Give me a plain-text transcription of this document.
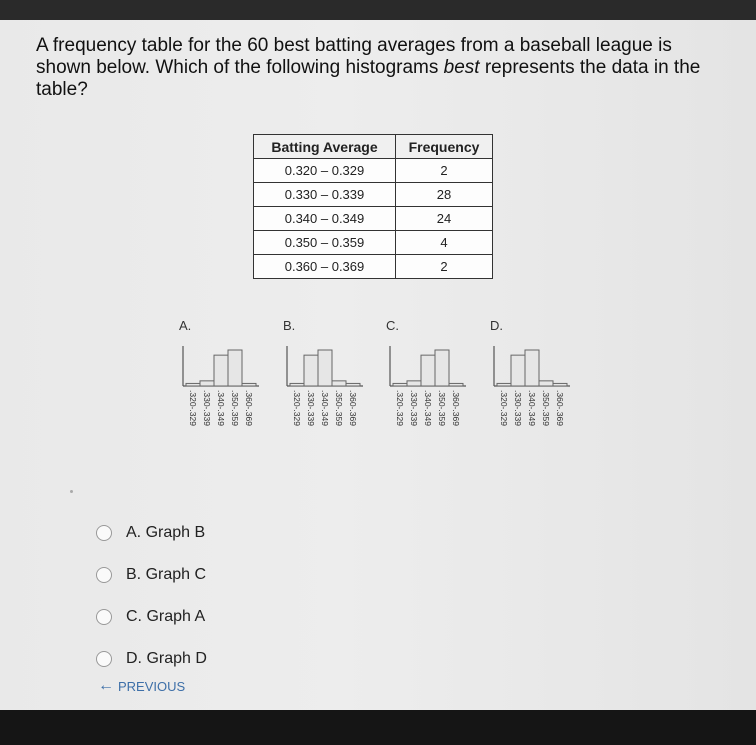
A frequency table for the 60 best batting averages from a baseball league is shown below. Which of the following histograms best represents the data in the table?
Batting Average	Frequency
0.320 – 0.329	2
0.330 – 0.339	28
0.340 – 0.349	24
0.350 – 0.359	4
0.360 – 0.369	2
A.
.320-.329 .330-.339 .340-.349 .350-.359 .360-.369
B.
.320-.329 .330-.339 .340-.349 .350-.359 .360-.369
C.
.320-.329 .330-.339 .340-.349 .350-.359 .360-.369
D.
.320-.329 .330-.339 .340-.349 .350-.359 .360-.369
A. Graph B
B. Graph C
C. Graph A
D. Graph D
← PREVIOUS
